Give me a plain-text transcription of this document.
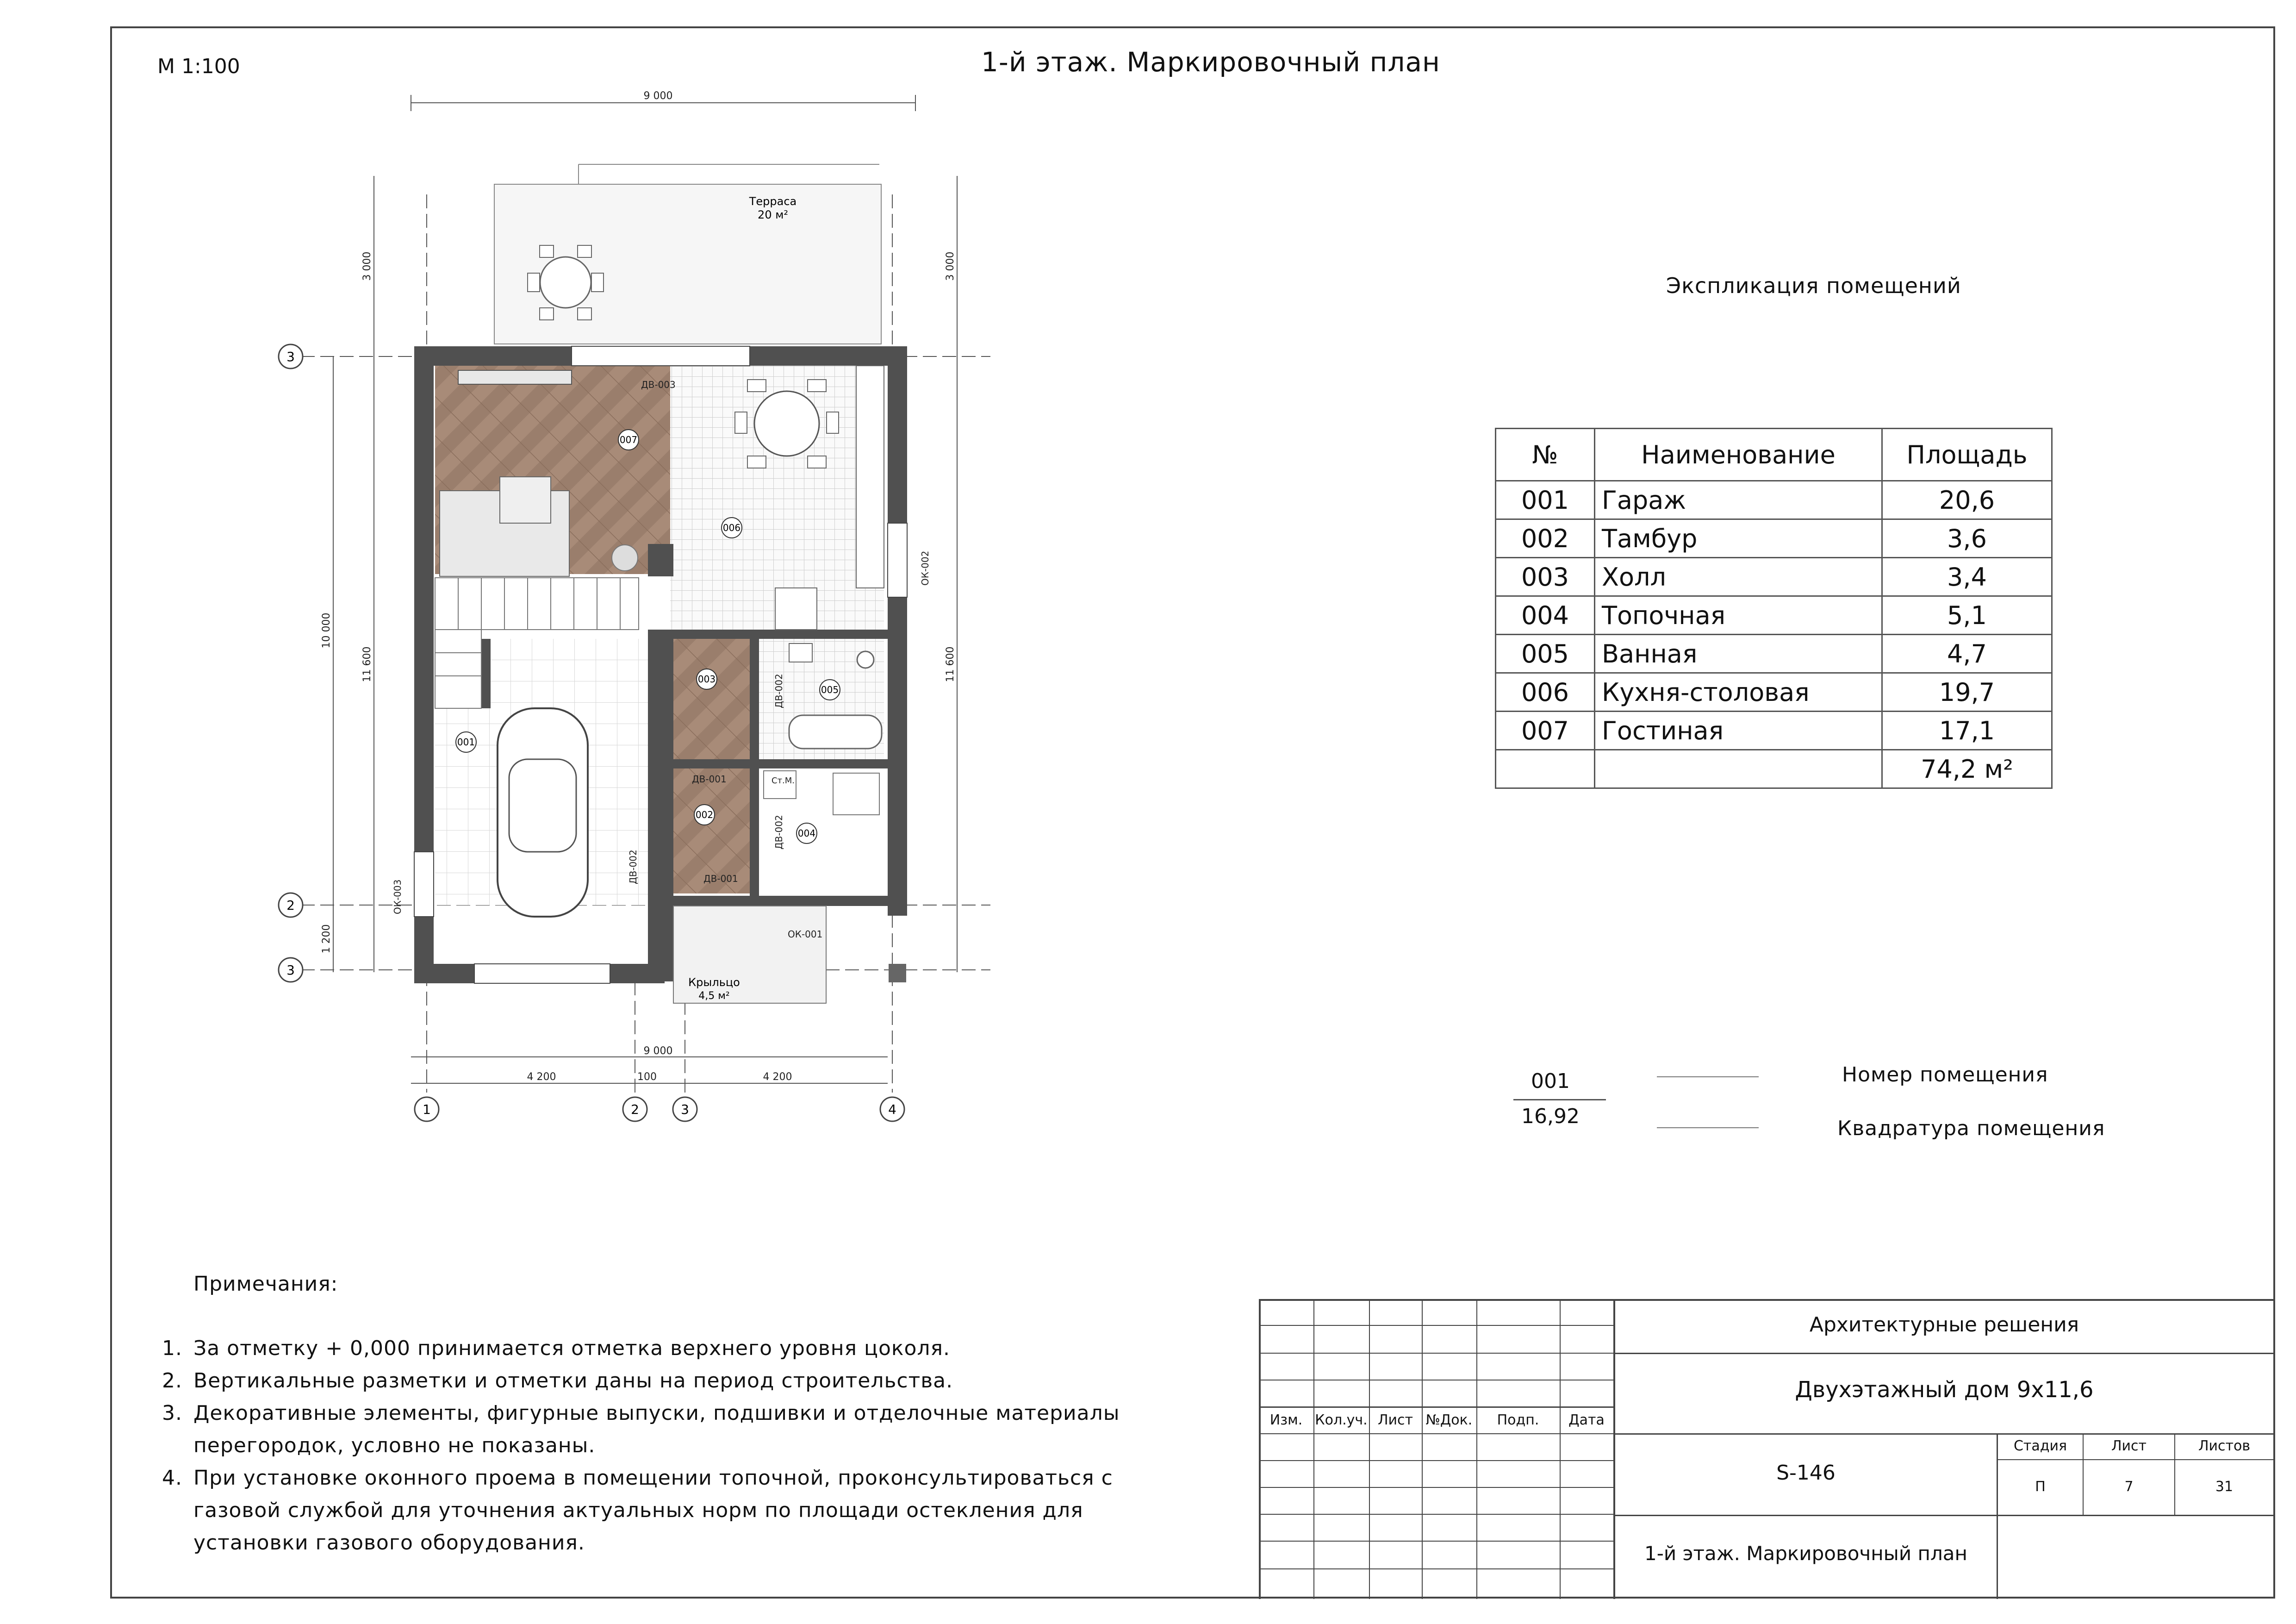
М 1:100	1-й этаж. Маркировочный план
Терраса
20 м²
Крыльцо
4,5 м²
9 000
9 000
4 200	100	4 200
3 000	3 000
10 000
11 600	11 600
1 200
3
2
3
1	2	3	4
001
002
003
004
005
006
007
ДВ-003
ДВ-001
ДВ-001
ОК-001
Ст.М.
ДВ-002
ДВ-002
ДВ-002
ОК-002
ОК-003
Экспликация помещений
№	Наименование	Площадь
001	Гараж	20,6
002	Тамбур	3,6
003	Холл	3,4
004	Топочная	5,1
005	Ванная	4,7
006	Кухня-столовая	19,7
007	Гостиная	17,1
		74,2 м²
001
16,92
Номер помещения
Квадратура помещения
Примечания:
1. За отметку + 0,000 принимается отметка верхнего уровня цоколя.
2. Вертикальные разметки и отметки даны на период строительства.
3. Декоративные элементы, фигурные выпуски, подшивки и отделочные материалы перегородок, условно не показаны.
4. При установке оконного проема в помещении топочной, проконсультироваться с газовой службой для уточнения актуальных норм по площади остекления для установки газового оборудования.
Изм. Кол.уч. Лист №Док.	Подп.	Дата
Архитектурные решения
Двухэтажный дом 9х11,6
S-146
1-й этаж. Маркировочный план
Стадия	Лист	Листов
П	7	31
